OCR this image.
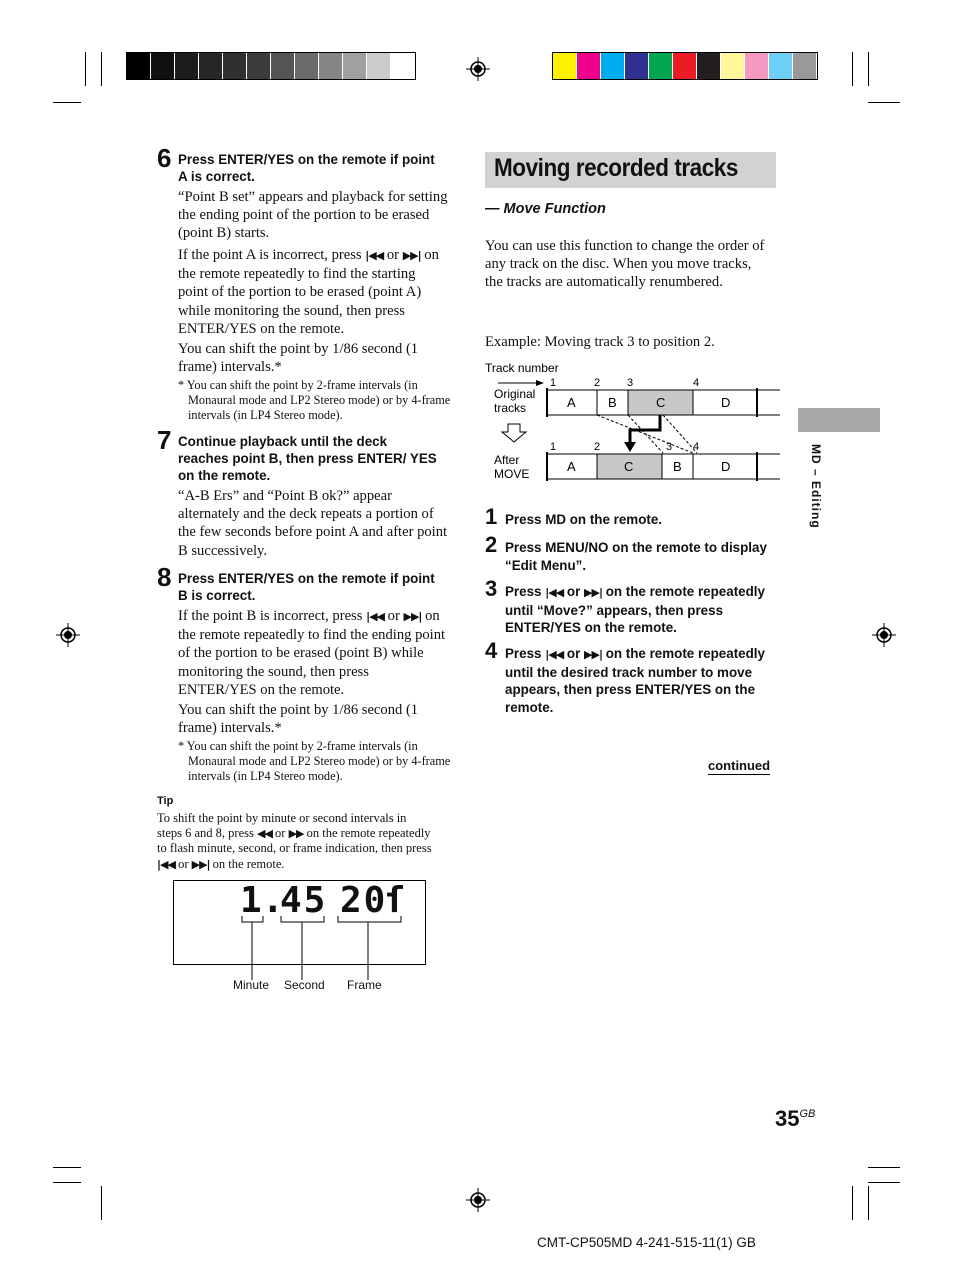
6 Press ENTER/YES on the remote if point A is correct.
“Point B set” appears and playback for setting the ending point of the portion to be erased (point B) starts.
If the point A is incorrect, press |◀◀ or ▶▶| on the remote repeatedly to find the starting point of the portion to be erased (point A) while monitoring the sound, then press ENTER/YES on the remote.
You can shift the point by 1/86 second (1 frame) intervals.*
* You can shift the point by 2-frame intervals (in Monaural mode and LP2 Stereo mode) or by 4-frame intervals (in LP4 Stereo mode).
7 Continue playback until the deck reaches point B, then press ENTER/ YES on the remote.
“A-B Ers” and “Point B ok?” appear alternately and the deck repeats a portion of the few seconds before point A and after point B successively.
8 Press ENTER/YES on the remote if point B is correct.
If the point B is incorrect, press |◀◀ or ▶▶| on the remote repeatedly to find the ending point of the portion to be erased (point B) while monitoring the sound, then press ENTER/YES on the remote.
You can shift the point by 1/86 second (1 frame) intervals.*
* You can shift the point by 2-frame intervals (in Monaural mode and LP2 Stereo mode) or by 4-frame intervals (in LP4 Stereo mode).
Tip
To shift the point by minute or second intervals in steps 6 and 8, press ◀◀ or ▶▶ on the remote repeatedly to flash minute, second, or frame indication, then press |◀◀ or ▶▶| on the remote.
1
.
45 20
ſ
Minute Second Frame
Moving recorded tracks
— Move Function
You can use this function to change the order of any track on the disc. When you move tracks, the tracks are automatically renumbered.
Example: Moving track 3 to position 2.
Track number
Original
tracks
After
MOVE
1	2 3	4
A B	C	D
1	2	3 4
A	C	B	D
1 Press MD on the remote.
2 Press MENU/NO on the remote to display “Edit Menu”.
3 Press |◀◀ or ▶▶| on the remote repeatedly until “Move?” appears, then press ENTER/YES on the remote.
4 Press |◀◀ or ▶▶| on the remote repeatedly until the desired track number to move appears, then press ENTER/YES on the remote.
continued
MD – Editing
$35^{GB}$
CMT-CP505MD 4-241-515-11(1) GB
